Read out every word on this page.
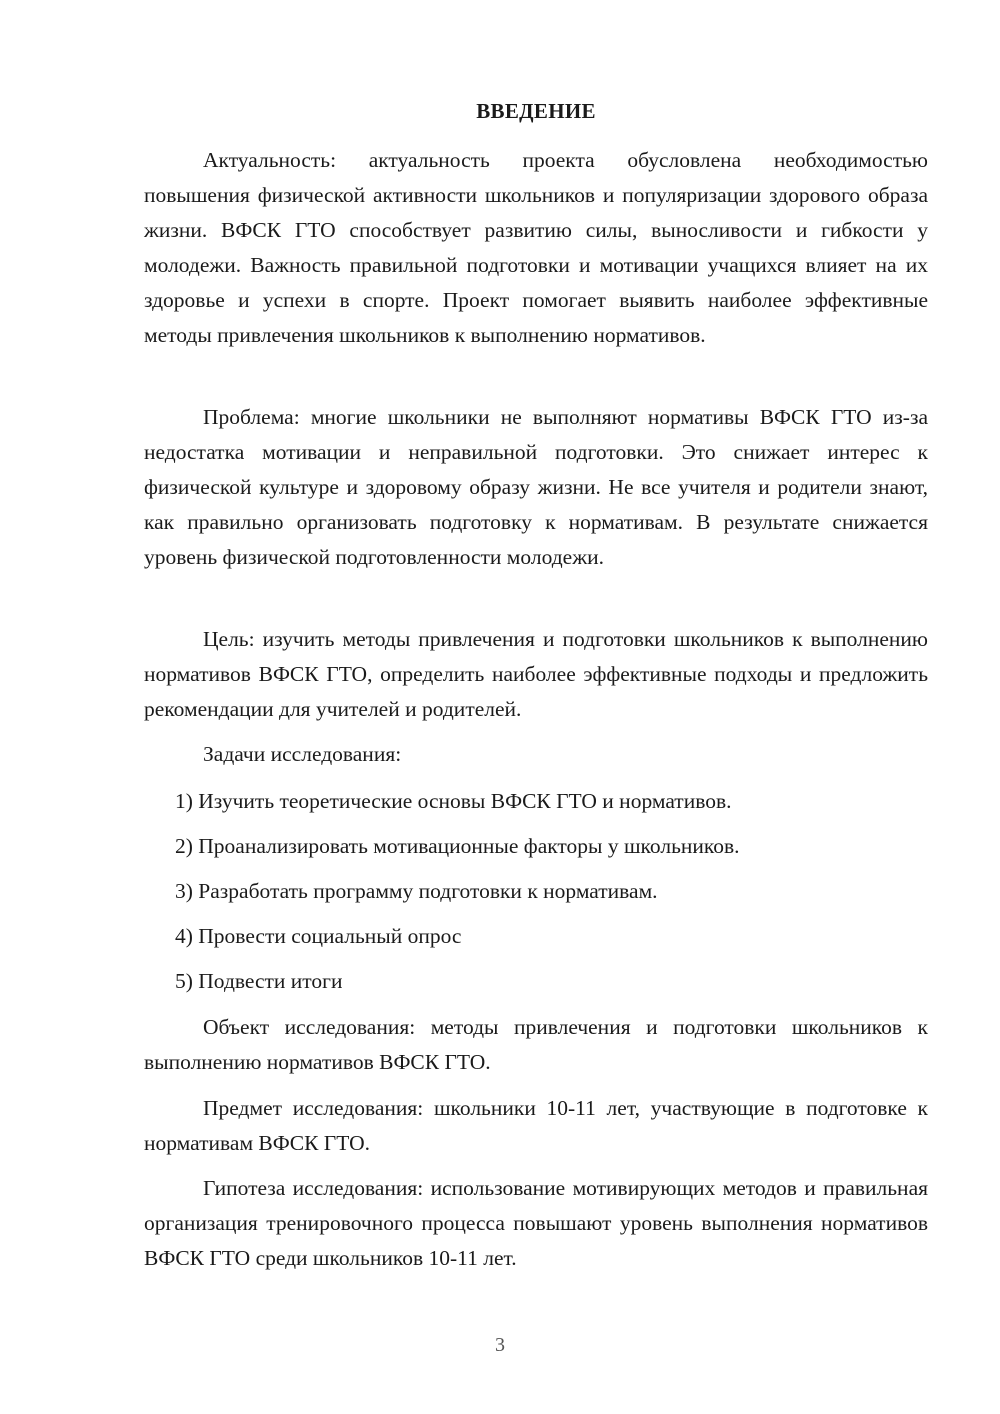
ВВЕДЕНИЕ

Актуальность: актуальность проекта обусловлена необходимостью повышения физической активности школьников и популяризации здорового образа жизни. ВФСК ГТО способствует развитию силы, выносливости и гибкости у молодежи. Важность правильной подготовки и мотивации учащихся влияет на их здоровье и успехи в спорте. Проект помогает выявить наиболее эффективные методы привлечения школьников к выполнению нормативов.

Проблема: многие школьники не выполняют нормативы ВФСК ГТО из-за недостатка мотивации и неправильной подготовки. Это снижает интерес к физической культуре и здоровому образу жизни. Не все учителя и родители знают, как правильно организовать подготовку к нормативам. В результате снижается уровень физической подготовленности молодежи.

Цель: изучить методы привлечения и подготовки школьников к выполнению нормативов ВФСК ГТО, определить наиболее эффективные подходы и предложить рекомендации для учителей и родителей.

Задачи исследования:

1) Изучить теоретические основы ВФСК ГТО и нормативов.
2) Проанализировать мотивационные факторы у школьников.
3) Разработать программу подготовки к нормативам.
4) Провести социальный опрос
5) Подвести итоги

Объект исследования: методы привлечения и подготовки школьников к выполнению нормативов ВФСК ГТО.

Предмет исследования: школьники 10-11 лет, участвующие в подготовке к нормативам ВФСК ГТО.

Гипотеза исследования: использование мотивирующих методов и правильная организация тренировочного процесса повышают уровень выполнения нормативов ВФСК ГТО среди школьников 10-11 лет.

3
